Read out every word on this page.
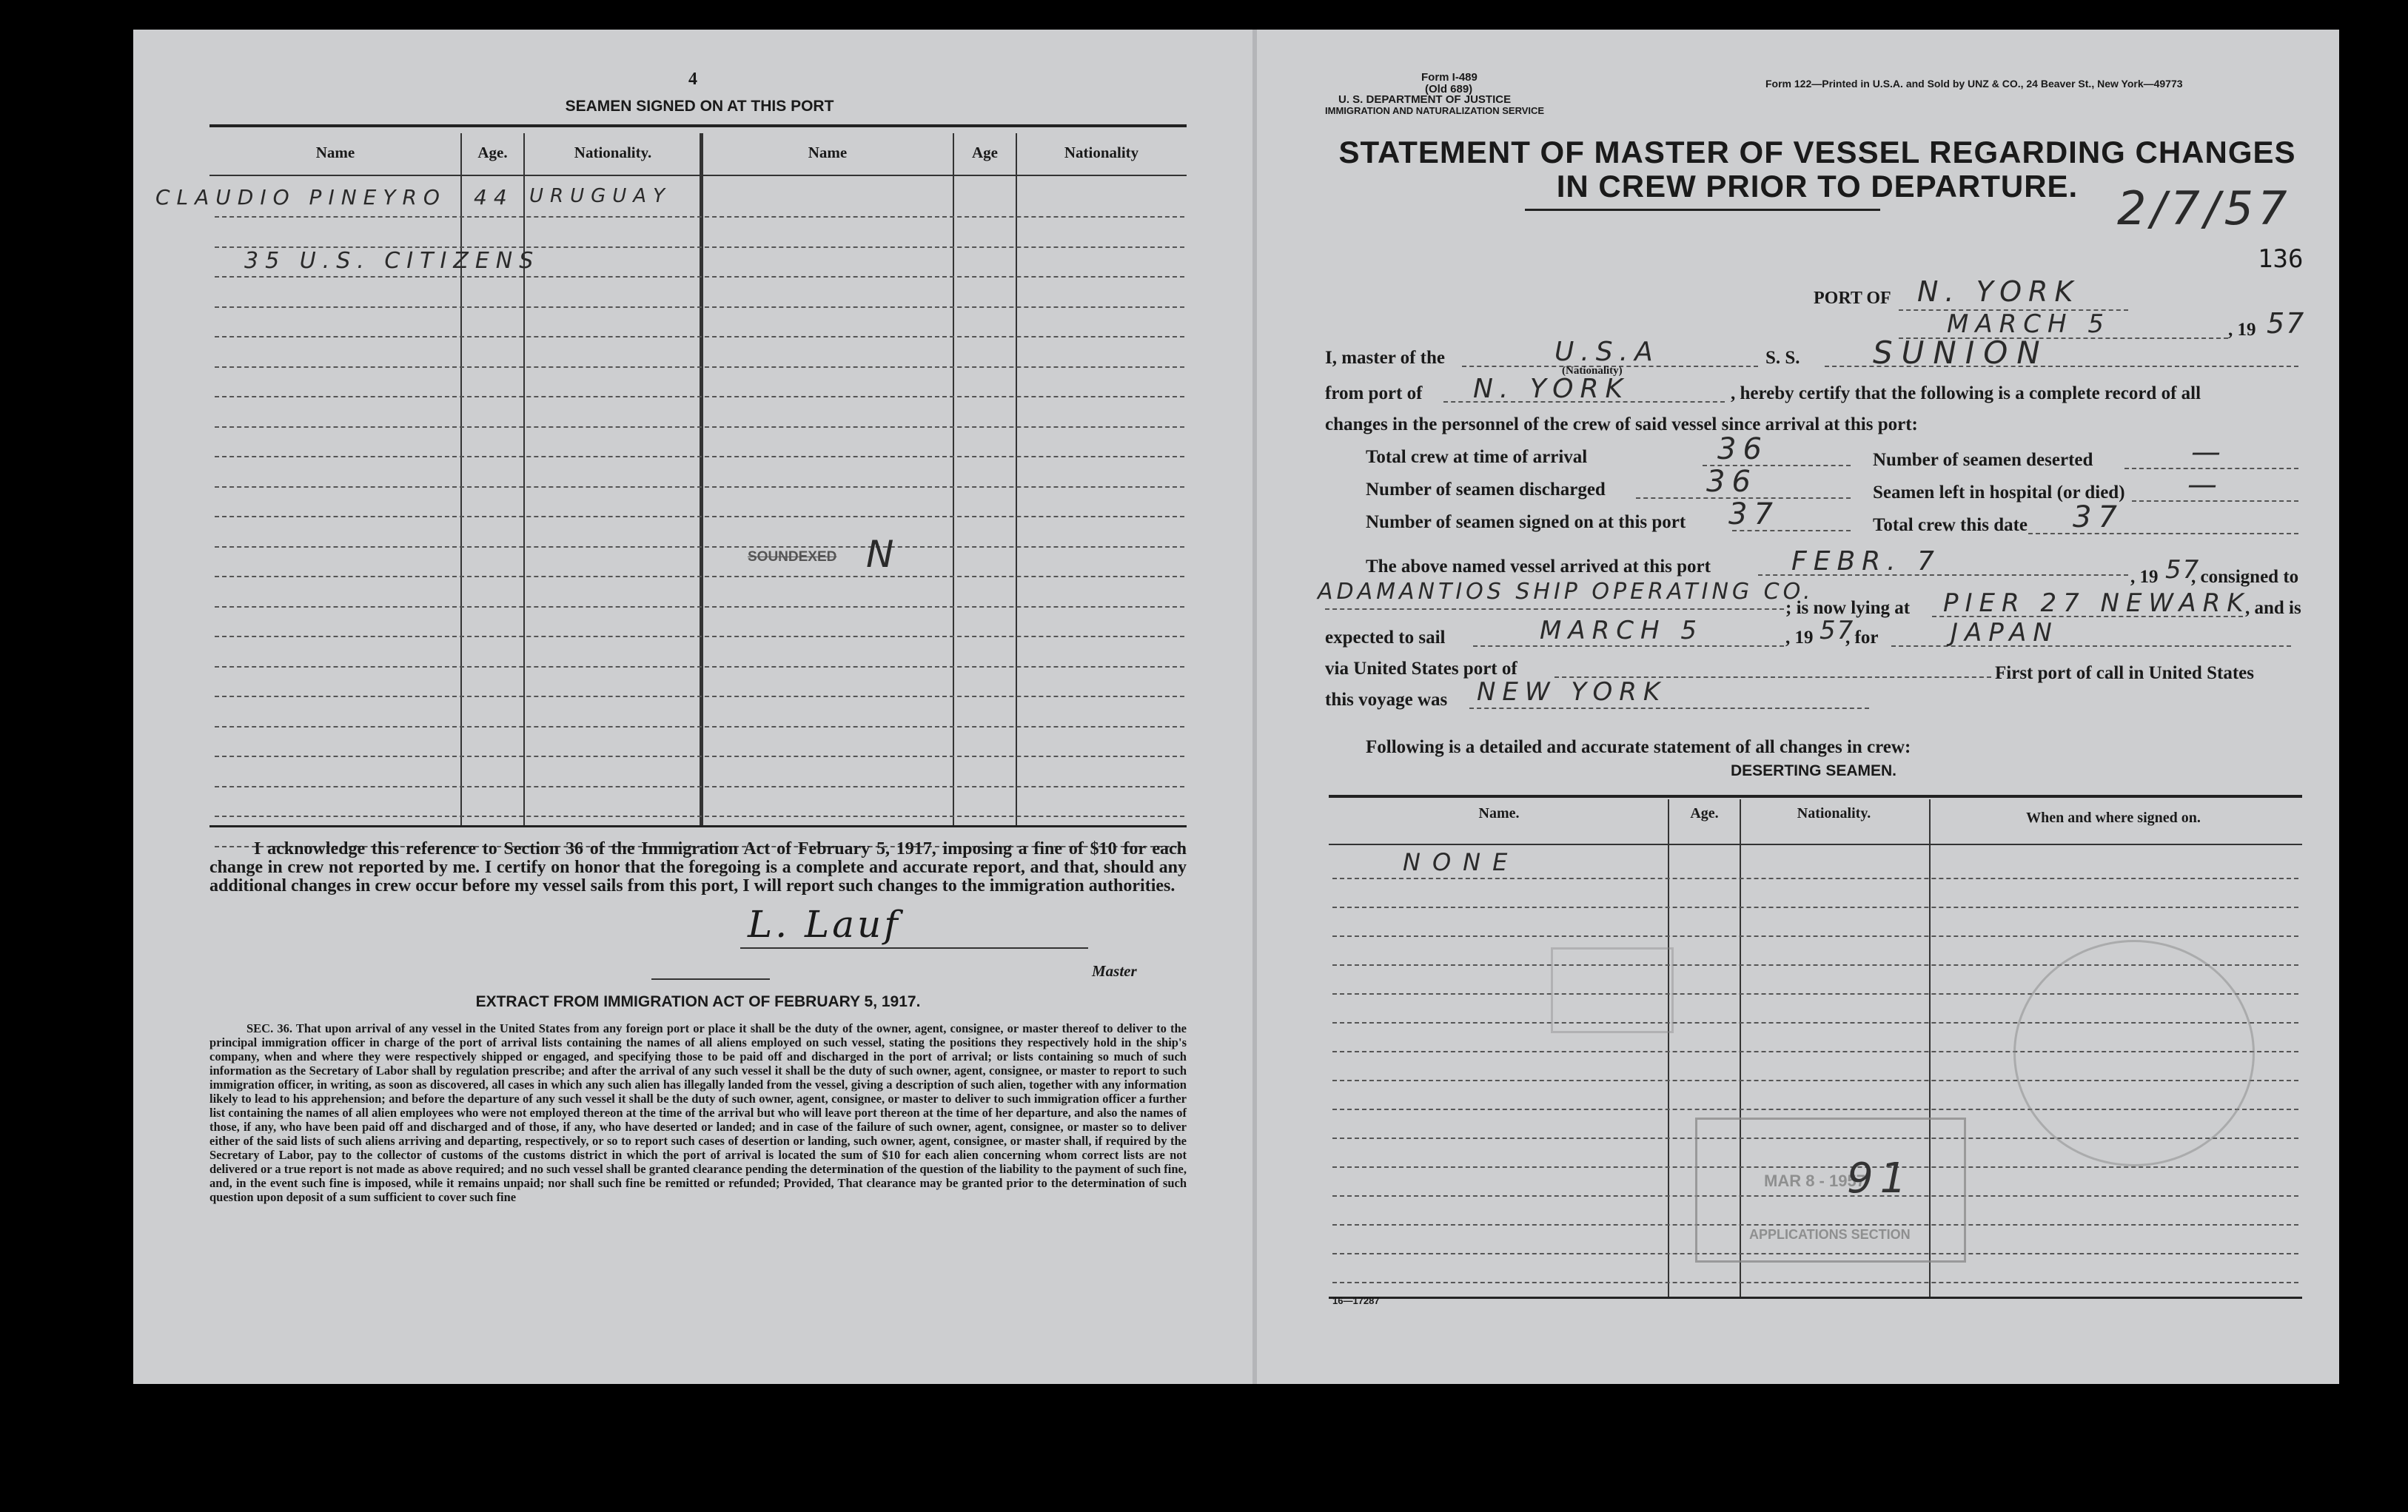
4
SEAMEN SIGNED ON AT THIS PORT
Name	Age.	Nationality.	Name	Age	Nationality
CLAUDIO PINEYRO 44 URUGUAY
35 U.S. CITIZENS
SOUNDEXED N
I acknowledge this reference to Section 36 of the Immigration Act of February 5, 1917, imposing a fine of $10 for each change in crew not reported by me. I certify on honor that the foregoing is a complete and accurate report, and that, should any additional changes in crew occur before my vessel sails from this port, I will report such changes to the immigration authorities.
L. Lauf
Master
EXTRACT FROM IMMIGRATION ACT OF FEBRUARY 5, 1917.
SEC. 36. That upon arrival of any vessel in the United States from any foreign port or place it shall be the duty of the owner, agent, consignee, or master thereof to deliver to the principal immigration officer in charge of the port of arrival lists containing the names of all aliens employed on such vessel, stating the positions they respectively hold in the ship's company, when and where they were respectively shipped or engaged, and specifying those to be paid off and discharged in the port of arrival; or lists containing so much of such information as the Secretary of Labor shall by regulation prescribe; and after the arrival of any such vessel it shall be the duty of such owner, agent, consignee, or master to report to such immigration officer, in writing, as soon as discovered, all cases in which any such alien has illegally landed from the vessel, giving a description of such alien, together with any information likely to lead to his apprehension; and before the departure of any such vessel it shall be the duty of such owner, agent, consignee, or master to deliver to such immigration officer a further list containing the names of all alien employees who were not employed thereon at the time of the arrival but who will leave port thereon at the time of her departure, and also the names of those, if any, who have been paid off and discharged and of those, if any, who have deserted or landed; and in case of the failure of such owner, agent, consignee, or master so to deliver either of the said lists of such aliens arriving and departing, respectively, or so to report such cases of desertion or landing, such owner, agent, consignee, or master shall, if required by the Secretary of Labor, pay to the collector of customs of the customs district in which the port of arrival is located the sum of $10 for each alien concerning whom correct lists are not delivered or a true report is not made as above required; and no such vessel shall be granted clearance pending the determination of the question of the liability to the payment of such fine, and, in the event such fine is imposed, while it remains unpaid; nor shall such fine be remitted or refunded; Provided, That clearance may be granted prior to the determination of such question upon deposit of a sum sufficient to cover such fine
Form I-489
(Old 689)
U. S. DEPARTMENT OF JUSTICE
IMMIGRATION AND NATURALIZATION SERVICE
Form 122—Printed in U.S.A. and Sold by UNZ & CO., 24 Beaver St., New York—49773
STATEMENT OF MASTER OF VESSEL REGARDING CHANGES
IN CREW PRIOR TO DEPARTURE. 2/7/57
136
PORT OF N. YORK
MARCH 5	, 19 57
I, master of the	U.S.A
(Nationality)
S. S. SUNION
from port of N. YORK	, hereby certify that the following is a complete record of all
changes in the personnel of the crew of said vessel since arrival at this port:
Total crew at time of arrival	36
Number of seamen discharged	36
Number of seamen signed on at this port 37
Number of seamen deserted	—
Seamen left in hospital (or died) —
Total crew this date 37
The above named vessel arrived at this port	FEBR. 7
, 19 57
, consigned to
ADAMANTIOS SHIP OPERATING CO.
; is now lying at PIER 27 NEWARK
, and is
expected to sail	MARCH 5	, 19 57
, for	JAPAN
via United States port of	First port of call in United States
this voyage was NEW YORK
Following is a detailed and accurate statement of all changes in crew:
DESERTING SEAMEN.
Name.	Age.	Nationality.	When and where signed on.
NONE
16—17287
MAR 8 - 1957
APPLICATIONS SECTION
91
